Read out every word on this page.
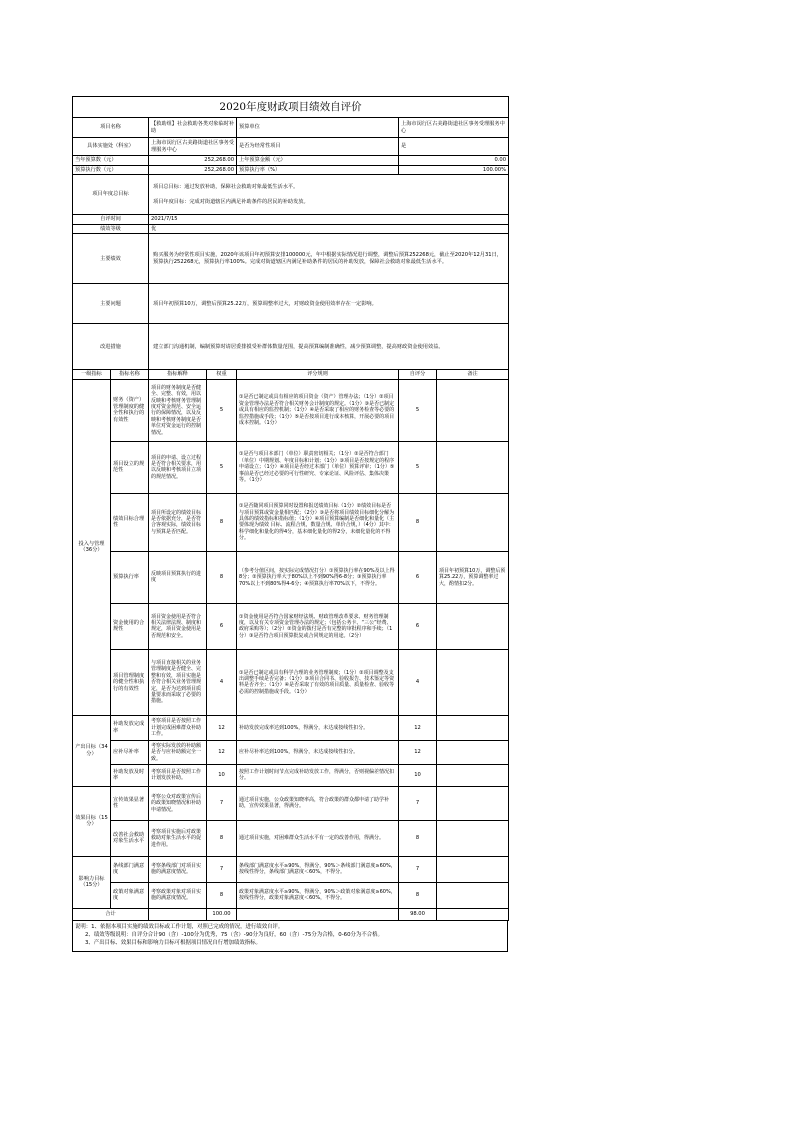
2020年度财政项目绩效自评价						
项目名称		【救助组】社会救助各类对象临时补助		预算单位	上海市闵行区古美路街道社区事务受理服务中心	
具体实施处（科室）		上海市闵行区古美路街道社区事务受理服务中心		是否为经常性项目	是	
当年预算数（元）		252,268.00		上年预算金额（元）	0.00	
预算执行数（元）		252,268.00		预算执行率（%）	100.00%	
项目年度总目标		项目总目标：通过发放补助，保障社会救助对象最低生活水平。
项目年度目标：完成对街道辖区内满足补助条件的居民的补助发放。				

自评时间		2021/7/15				
绩效等级		优				
主要绩效		购买服务为经常性项目实施，2020年该项目年初预算安排100000元，年中根据实际情况进行调整，调整后预算252268元，截止至2020年12月31日，预算执行252268元，预算执行率100%。完成对街道辖区内满足补助条件的居民的补助发放，保障社会救助对象最低生活水平。				
主要问题		项目年初预算10万，调整后预算25.22万，预算调整率过大，对财政资金使用效率存在一定影响。				
改进措施		建立部门沟通机制，编制预算时请居委排摸受补群体数量范围，提高预算编制准确性，减少预算调整，提高财政资金使用效益。				
一级指标	指标名称	指标解释	权重	评分规则	自评分	备注
投入与管理（36分）	财务（资产）管理制度的健全性和执行的有效性	项目的财务制度是否健全、完整、有效，用以反映和考核财务管理制度对资金规范、安全运行的保障情况，以及反映和考核财务制度是否单位对资金运行的控制情况。	5	①是否已制定或具有相应的项目资金（资产）管理办法；（1分）②项目资金管理办法是否符合相关财务会计制度的规定。（1分）③是否已制定或具有相应的监控机制；（1分）④是否采取了相应的财务检查等必要的监控措施或手段；（1分）⑤是否按项目进行成本核算，开展必要的项目成本控制。（1分）	5	
	项目设立的规范性	项目的申请、设立过程是否符合相关要求，用以反映和考核项目立项的规范情况。	5	①是否与项目本部门（单位）职责密切相关；（1分）②是否符合部门（单位）中期规划、年度目标和计划；（1分）③项目是否按规定的程序申请设立；（1分）④项目是否经过本部门（单位）预算评审；（1分）⑤事前是否已经过必要的可行性研究、专家论证、风险评估、集体决策等。（1分）	5	
	绩效目标合理性	项目所设定的绩效目标是否依据充分，是否符合客观实际，绩效目标与预算是否匹配。	8	①是否随同项目预算同时设置和报送绩效目标（1分）②绩效目标是否与项目预算或资金量相匹配；（2分）③是否将项目绩效目标细化分解为具体的绩效指标和指标值；（1分）④项目预算编制是否细化和量化（主要体现为绩效 目标、流程合规，数量合规、单价合规，）（4分）其中：科学细化和量化的得4分，基本细化量化的得2分，未细化量化的不得分。	8	
	预算执行率	反映项目预算执行的进度	8	（参考分值区间，按实际完成情况打分）①预算执行率在90%及以上得8分；②预算执行率大于80%以上不到90%得6-8分；③预算执行率70%以上不到80%得4-6分；④预算执行率70%以下，不得分。	6	项目年初预算10万，调整后预算25.22万，预算调整率过大，酌情扣2分。
	资金使用的合规性	项目资金使用是否符合相关法律法规、制度和规定，项目资金使用是否规范和安全。	6	①资金使用是否符合国家财经法规、财政管理改革要求、财务管理制度，以及有关专项资金管理办法的规定；（包括公务卡、“三公”经费、政府采购等）；（2分）②资金的拨付是否有完整的审批程序和手续；（1分）③是否符合项目预算批复或合同规定的用途。（2分）	6	
	项目管理制度的健全性和执行的有效性	与项目直接相关的业务管理制度是否健全、完整和有效，项目实施是否符合相关业务管理规定，是否为达到项目质量要求而采取了必要的措施。	4	①是否已制定或具有科学合理的业务管理制度；（1分）②项目调整及支出调整手续是否完备；（1分）③项目合同书、验收报告、技术鉴定等资料是否齐全；（1分）④是否采取了有效的项目质量、质量检查、验收等必需的控制措施或手段。（1分）	4	
产出目标（34分）	补助发放完成率	考察项目是否按照工作计划完成困难群众补助工作。	12	补助发放完成率达到100%，得满分，未达成按线性扣分。	12	
	应补尽补率	考察实际发放的补助额是否与应补助额完全一致。	12	应补尽补率达到100%，得满分，未达成按线性扣分。	12	
	补助发放及时率	考察项目是否按照工作计划发放补助。	10	按照工作计划时间节点完成补助发放工作，得满分，否则视偏差情况扣分。	10	
效果目标（15分）	宣传效果显著性	考察公众对政策宣传后的政策知晓情况和补助申请情况。	7	通过项目实施，公众政策知晓率高，符合政策的群众都申请了助学补助，宣传效果显著，得满分。	7	
	改善社会救助对象生活水平	考察项目实施后对政策救助对象生活水平的促进作用。	8	通过项目实施，对困难群众生活水平有一定的改善作用，得满分。	8	
影响力目标（15分）	条线部门满意度	考察条线部门对项目实施的满意度情况。	7	条线部门满意度水平≥90%，得满分，90%＞条线部门满意度≥60%，按线性得分，条线部门满意度＜60%，不得分。	7	
	政策对象满意度	考察政策对象对项目实施的满意度情况。	8	政策对象满意度水平≥90%，得满分，90%＞政策对象满意度≥60%，按线性得分，政策对象满意度＜60%，不得分。	8	
合计			100.00		98.00	
说明：1、依据本项目实施的绩效目标或工作计划，对照已完成的情况，进行绩效自评。
2、绩效等级说明：自评分合计90（含）-100分为优秀，75（含）-90分为良好，60（含）-75分为合格，0-60分为不合格。
3、产出目标、效果目标和影响力目标可根据项目情况自行增加绩效指标。
